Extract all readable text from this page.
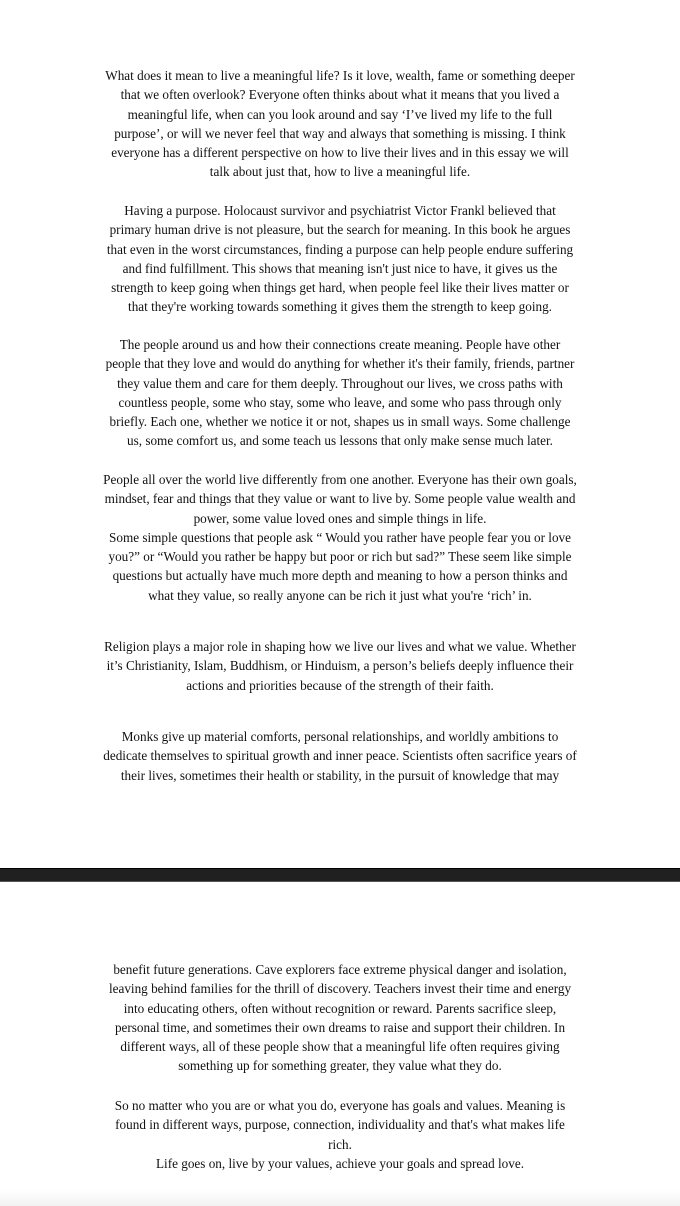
What does it mean to live a meaningful life? Is it love, wealth, fame or something deeper
that we often overlook? Everyone often thinks about what it means that you lived a
meaningful life, when can you look around and say ‘I’ve lived my life to the full
purpose’, or will we never feel that way and always that something is missing. I think
everyone has a different perspective on how to live their lives and in this essay we will
talk about just that, how to live a meaningful life.

Having a purpose. Holocaust survivor and psychiatrist Victor Frankl believed that
primary human drive is not pleasure, but the search for meaning. In this book he argues
that even in the worst circumstances, finding a purpose can help people endure suffering
and find fulfillment. This shows that meaning isn't just nice to have, it gives us the
strength to keep going when things get hard, when people feel like their lives matter or
that they're working towards something it gives them the strength to keep going.

The people around us and how their connections create meaning. People have other
people that they love and would do anything for whether it's their family, friends, partner
they value them and care for them deeply. Throughout our lives, we cross paths with
countless people, some who stay, some who leave, and some who pass through only
briefly. Each one, whether we notice it or not, shapes us in small ways. Some challenge
us, some comfort us, and some teach us lessons that only make sense much later.

People all over the world live differently from one another. Everyone has their own goals,
mindset, fear and things that they value or want to live by. Some people value wealth and
power, some value loved ones and simple things in life.
Some simple questions that people ask “ Would you rather have people fear you or love
you?” or “Would you rather be happy but poor or rich but sad?” These seem like simple
questions but actually have much more depth and meaning to how a person thinks and
what they value, so really anyone can be rich it just what you're ‘rich’ in.

Religion plays a major role in shaping how we live our lives and what we value. Whether
it’s Christianity, Islam, Buddhism, or Hinduism, a person’s beliefs deeply influence their
actions and priorities because of the strength of their faith.

Monks give up material comforts, personal relationships, and worldly ambitions to
dedicate themselves to spiritual growth and inner peace. Scientists often sacrifice years of
their lives, sometimes their health or stability, in the pursuit of knowledge that may

benefit future generations. Cave explorers face extreme physical danger and isolation,
leaving behind families for the thrill of discovery. Teachers invest their time and energy
into educating others, often without recognition or reward. Parents sacrifice sleep,
personal time, and sometimes their own dreams to raise and support their children. In
different ways, all of these people show that a meaningful life often requires giving
something up for something greater, they value what they do.

So no matter who you are or what you do, everyone has goals and values. Meaning is
found in different ways, purpose, connection, individuality and that's what makes life
rich.
Life goes on, live by your values, achieve your goals and spread love.
